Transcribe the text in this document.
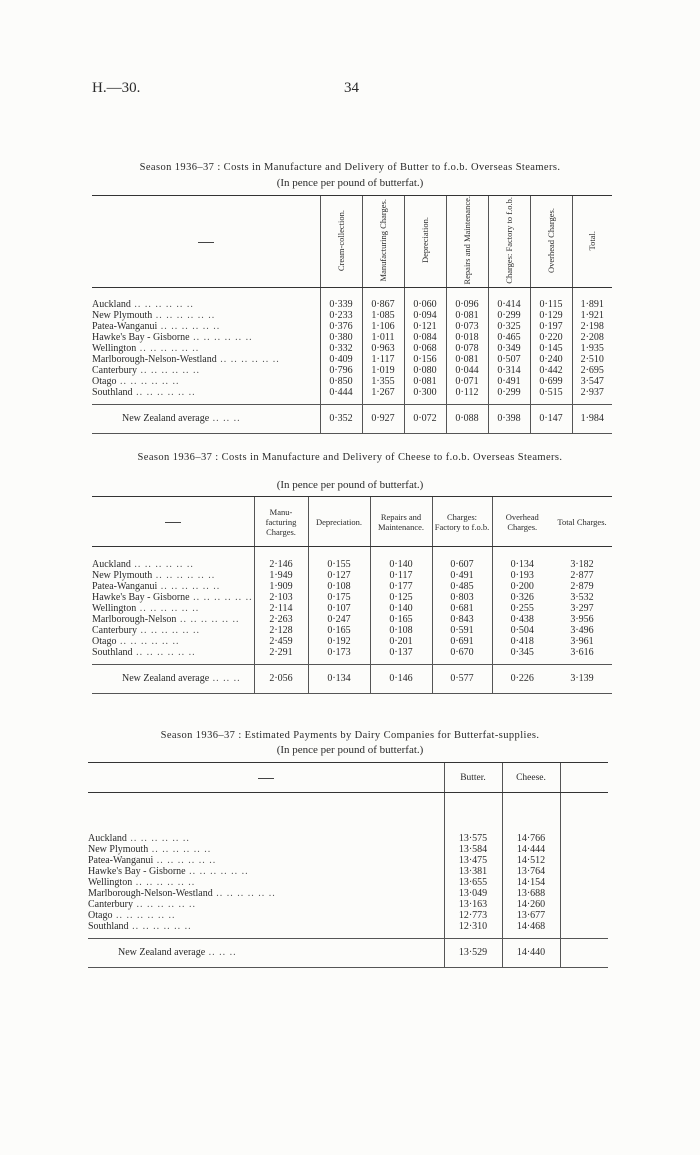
H.—30.	34
Season 1936–37 : Costs in Manufacture and Delivery of Butter to f.o.b. Overseas Steamers.
(In pence per pound of butterfat.)
	Cream-collection.	Manufacturing Charges.	Depreciation.	Repairs and Maintenance.	Charges: Factory to f.o.b.	Overhead Charges.	Total.

Auckland .. .. .. .. .. ..	0·339	0·867	0·060	0·096	0·414	0·115	1·891
New Plymouth .. .. .. .. .. ..	0·233	1·085	0·094	0·081	0·299	0·129	1·921
Patea-Wanganui .. .. .. .. .. ..	0·376	1·106	0·121	0·073	0·325	0·197	2·198
Hawke's Bay - Gisborne .. .. .. .. .. ..	0·380	1·011	0·084	0·018	0·465	0·220	2·208
Wellington .. .. .. .. .. ..	0·332	0·963	0·068	0·078	0·349	0·145	1·935
Marlborough-Nelson-Westland .. .. .. .. .. ..	0·409	1·117	0·156	0·081	0·507	0·240	2·510
Canterbury .. .. .. .. .. ..	0·796	1·019	0·080	0·044	0·314	0·442	2·695
Otago .. .. .. .. .. ..	0·850	1·355	0·081	0·071	0·491	0·699	3·547
Southland .. .. .. .. .. ..	0·444	1·267	0·300	0·112	0·299	0·515	2·937
New Zealand average .. .. ..	0·352	0·927	0·072	0·088	0·398	0·147	1·984
Season 1936–37 : Costs in Manufacture and Delivery of Cheese to f.o.b. Overseas Steamers.
(In pence per pound of butterfat.)
	Manu-facturing Charges.	Depreciation.	Repairs and Maintenance.	Charges: Factory to f.o.b.	Overhead Charges.	Total Charges.

Auckland .. .. .. .. .. ..	2·146	0·155	0·140	0·607	0·134	3·182
New Plymouth .. .. .. .. .. ..	1·949	0·127	0·117	0·491	0·193	2·877
Patea-Wanganui .. .. .. .. .. ..	1·909	0·108	0·177	0·485	0·200	2·879
Hawke's Bay - Gisborne .. .. .. .. .. ..	2·103	0·175	0·125	0·803	0·326	3·532
Wellington .. .. .. .. .. ..	2·114	0·107	0·140	0·681	0·255	3·297
Marlborough-Nelson .. .. .. .. .. ..	2·263	0·247	0·165	0·843	0·438	3·956
Canterbury .. .. .. .. .. ..	2·128	0·165	0·108	0·591	0·504	3·496
Otago .. .. .. .. .. ..	2·459	0·192	0·201	0·691	0·418	3·961
Southland .. .. .. .. .. ..	2·291	0·173	0·137	0·670	0·345	3·616
New Zealand average .. .. ..	2·056	0·134	0·146	0·577	0·226	3·139
Season 1936–37 : Estimated Payments by Dairy Companies for Butterfat-supplies.
(In pence per pound of butterfat.)
	Butter.	Cheese.	

Auckland .. .. .. .. .. ..	13·575	14·766	
New Plymouth .. .. .. .. .. ..	13·584	14·444	
Patea-Wanganui .. .. .. .. .. ..	13·475	14·512	
Hawke's Bay - Gisborne .. .. .. .. .. ..	13·381	13·764	
Wellington .. .. .. .. .. ..	13·655	14·154	
Marlborough-Nelson-Westland .. .. .. .. .. ..	13·049	13·688	
Canterbury .. .. .. .. .. ..	13·163	14·260	
Otago .. .. .. .. .. ..	12·773	13·677	
Southland .. .. .. .. .. ..	12·310	14·468	
New Zealand average .. .. ..	13·529	14·440	
